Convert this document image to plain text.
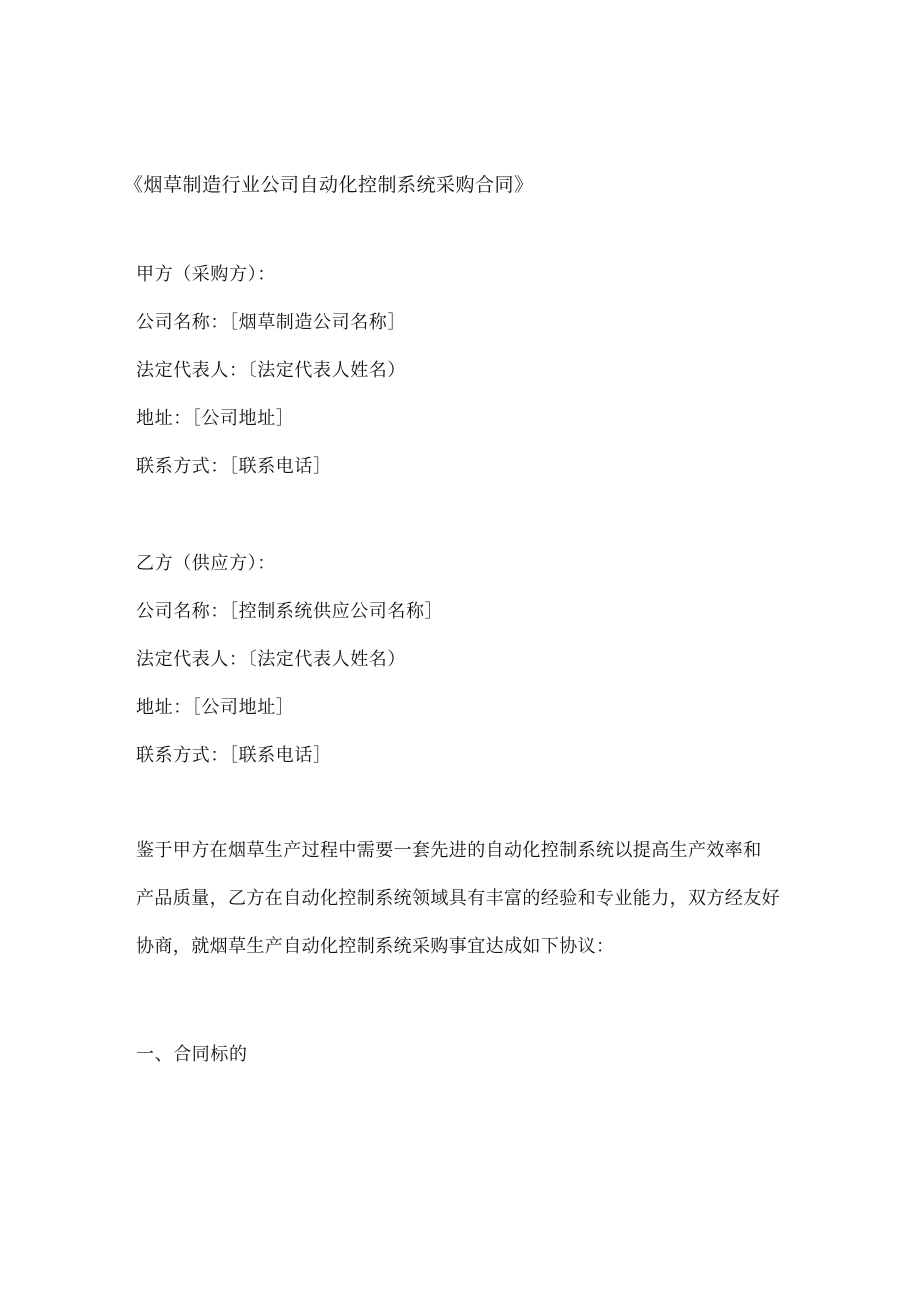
《烟草制造行业公司自动化控制系统采购合同》
甲方（采购方）：
公司名称：［烟草制造公司名称］
法定代表人：〔法定代表人姓名）
地址：［公司地址］
联系方式：［联系电话］
乙方（供应方）：
公司名称：［控制系统供应公司名称］
法定代表人：〔法定代表人姓名）
地址：［公司地址］
联系方式：［联系电话］
鉴于甲方在烟草生产过程中需要一套先进的自动化控制系统以提高生产效率和
产品质量，乙方在自动化控制系统领域具有丰富的经验和专业能力，双方经友好
协商，就烟草生产自动化控制系统采购事宜达成如下协议：
一、合同标的
